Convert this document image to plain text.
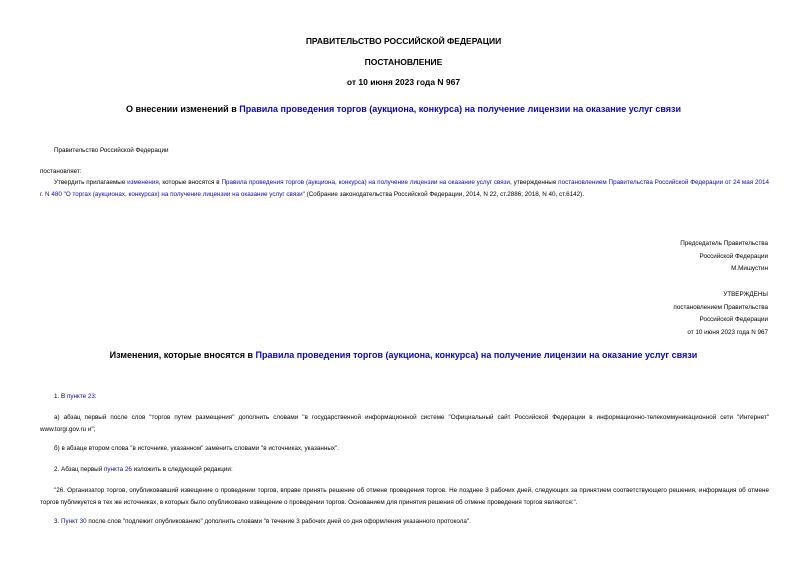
ПРАВИТЕЛЬСТВО РОССИЙСКОЙ ФЕДЕРАЦИИ
ПОСТАНОВЛЕНИЕ
от 10 июня 2023 года N 967
О внесении изменений в Правила проведения торгов (аукциона, конкурса) на получение лицензии на оказание услуг связи
Правительство Российской Федерации
постановляет:
Утвердить прилагаемые изменения, которые вносятся в Правила проведения торгов (аукциона, конкурса) на получение лицензии на оказание услуг связи, утвержденные постановлением Правительства Российской Федерации от 24 мая 2014 г. N 480 "О торгах (аукционах, конкурсах) на получение лицензии на оказание услуг связи" (Собрание законодательства Российской Федерации, 2014, N 22, ст.2886; 2018, N 40, ст.6142).
Председатель Правительства
Российской Федерации
М.Мишустин
УТВЕРЖДЕНЫ
постановлением Правительства
Российской Федерации
от 10 июня 2023 года N 967
Изменения, которые вносятся в Правила проведения торгов (аукциона, конкурса) на получение лицензии на оказание услуг связи
1. В пункте 23:
а) абзац первый после слов "торгов путем размещения" дополнить словами "в государственной информационной системе "Официальный сайт Российской Федерации в информационно-телекоммуникационной сети "Интернет" www.torgi.gov.ru и";
б) в абзаце втором слова "в источнике, указанном" заменить словами "в источниках, указанных".
2. Абзац первый пункта 26 изложить в следующей редакции:
"26. Организатор торгов, опубликовавший извещение о проведении торгов, вправе принять решение об отмене проведения торгов. Не позднее 3 рабочих дней, следующих за принятием соответствующего решения, информация об отмене торгов публикуется в тех же источниках, в которых было опубликовано извещение о проведении торгов. Основанием для принятия решения об отмене проведения торгов являются:".
3. Пункт 30 после слов "подлежит опубликованию" дополнить словами "в течение 3 рабочих дней со дня оформления указанного протокола".
